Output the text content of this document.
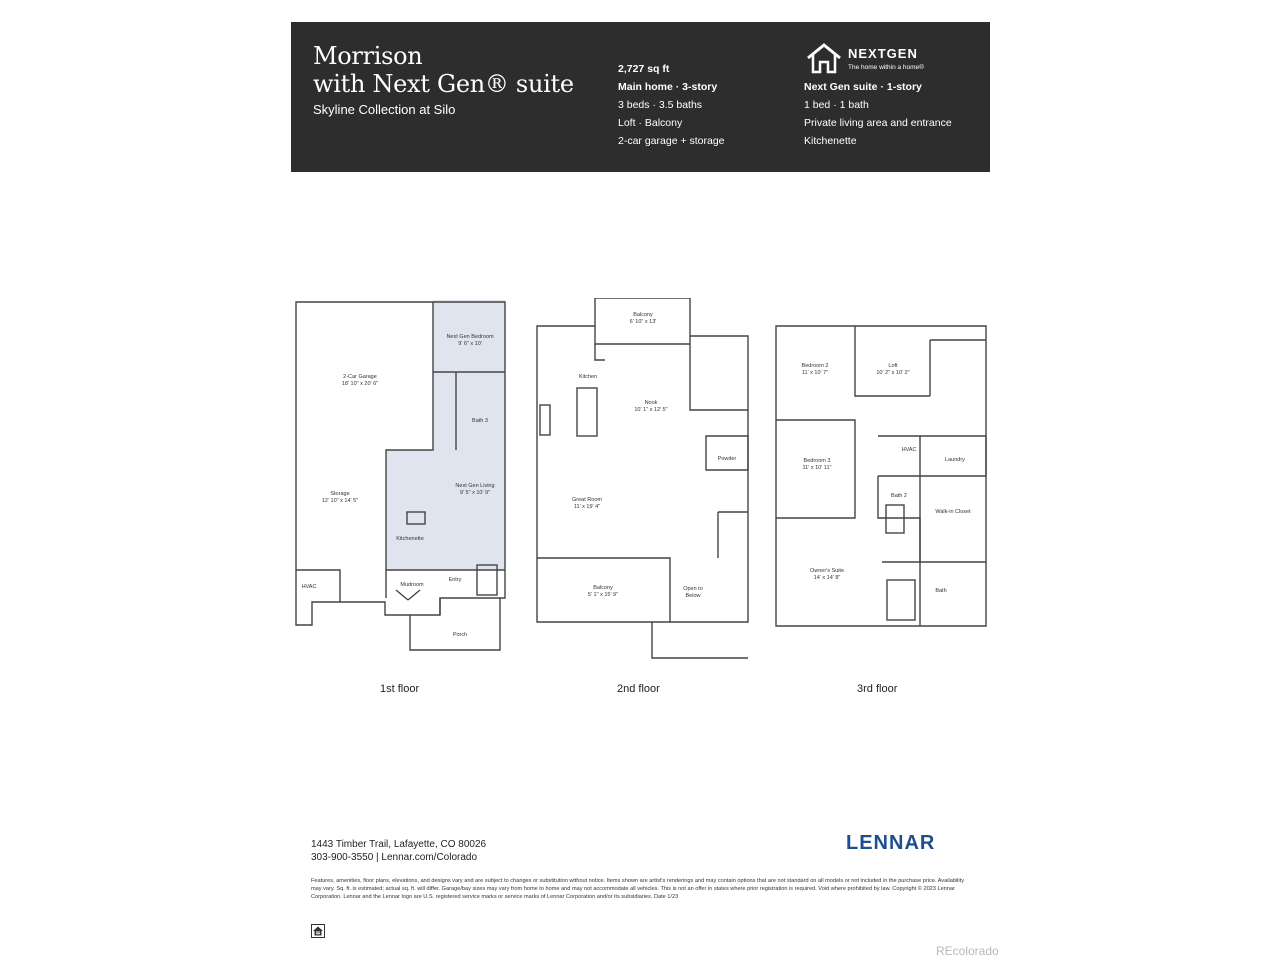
Morrison
with Next Gen® suite
Skyline Collection at Silo
2,727 sq ft
Main home · 3-story
3 beds · 3.5 baths
Loft · Balcony
2-car garage + storage
NEXTGEN
The home within a home®
Next Gen suite · 1-story
1 bed · 1 bath
Private living area and entrance
Kitchenette
2-Car Garage
18' 10" x 20' 6"
Next Gen Bedroom
9' 6" x 10'
Bath 3
Next Gen Living
9' 5" x 10' 9"
Storage
12' 10" x 14' 5"
Kitchenette
HVAC	Mudroom
Entry
Porch
Balcony
6' 10" x 13'
Kitchen
Nook
10' 1" x 12' 5"
Powder
Great Room
11' x 19' 4"
Balcony
5' 1" x 15' 9"
Open to
Below
Bedroom 2
11' x 10' 7"
Loft
10' 2" x 10' 2"
Bedroom 3
11' x 10' 11"
HVAC
Laundry
Bath 2
Walk-in Closet
Owner's Suite
14' x 14' 8"
Bath
1st floor	2nd floor	3rd floor
1443 Timber Trail, Lafayette, CO 80026
303-900-3550 | Lennar.com/Colorado
LENNAR
Features, amenities, floor plans, elevations, and designs vary and are subject to changes or substitution without notice. Items shown are artist's renderings and may contain options that are not standard on all models or not included in the purchase price. Availability may vary. Sq. ft. is estimated; actual sq. ft. will differ. Garage/bay sizes may vary from home to home and may not accommodate all vehicles. This is not an offer in states where prior registration is required. Void where prohibited by law. Copyright © 2023 Lennar Corporation. Lennar and the Lennar logo are U.S. registered service marks or service marks of Lennar Corporation and/or its subsidiaries. Date 1/23
REcolorado
